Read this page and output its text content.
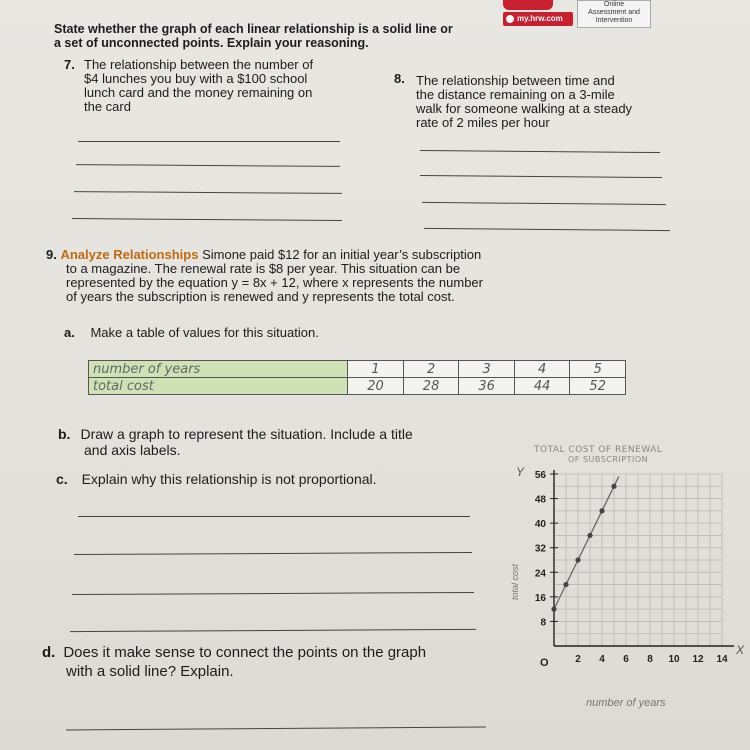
my.hrw.com
Online
Assessment and
Intervention
State whether the graph of each linear relationship is a solid line or
a set of unconnected points. Explain your reasoning.
7. The relationship between the number of
$4 lunches you buy with a $100 school
lunch card and the money remaining on
the card
8. The relationship between time and
the distance remaining on a 3-mile
walk for someone walking at a steady
rate of 2 miles per hour
9. Analyze Relationships Simone paid $12 for an initial year’s subscription
to a magazine. The renewal rate is $8 per year. This situation can be
represented by the equation y = 8x + 12, where x represents the number
of years the subscription is renewed and y represents the total cost.
a. Make a table of values for this situation.
number of years	1	2	3	4	5
total cost	20	28	36	44	52
b. Draw a graph to represent the situation. Include a title
and axis labels.
c. Explain why this relationship is not proportional.
d. Does it make sense to connect the points on the graph
with a solid line? Explain.
TOTAL COST OF RENEWAL
OF SUBSCRIPTION
8
16
24
32
40
48
56
2 4 6 8 10 12 14
Y
X
O
total cost
number of years
